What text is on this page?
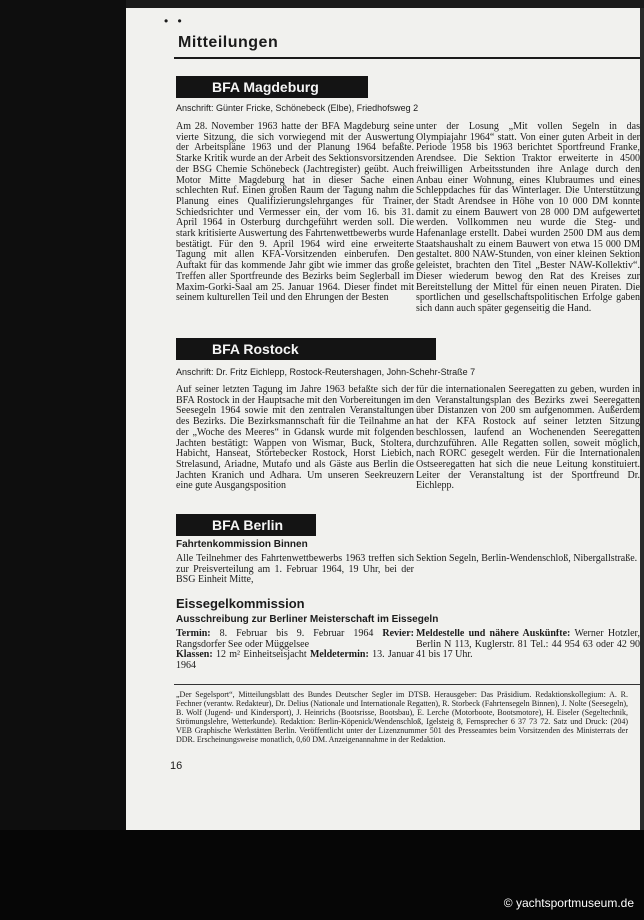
• •
Mitteilungen
BFA Magdeburg
Anschrift: Günter Fricke, Schönebeck (Elbe), Friedhofsweg 2
Am 28. November 1963 hatte der BFA Magdeburg seine vierte Sitzung, die sich vorwiegend mit der Auswertung der Arbeitspläne 1963 und der Planung 1964 befaßte. Starke Kritik wurde an der Arbeit des Sektionsvorsitzenden der BSG Chemie Schönebeck (Jachtregister) geübt. Auch Motor Mitte Magdeburg hat in dieser Sache einen schlechten Ruf. Einen großen Raum der Tagung nahm die Planung eines Qualifizierungslehrganges für Trainer, Schiedsrichter und Vermesser ein, der vom 16. bis 31. April 1964 in Osterburg durchgeführt werden soll. Die stark kritisierte Auswertung des Fahrtenwettbewerbs wurde bestätigt. Für den 9. April 1964 wird eine erweiterte Tagung mit allen KFA-Vorsitzenden einberufen. Den Auftakt für das kommende Jahr gibt wie immer das große Treffen aller Sportfreunde des Bezirks beim Seglerball im Maxim-Gorki-Saal am 25. Januar 1964. Dieser findet mit seinem kulturellen Teil und den Ehrungen der Besten
unter der Losung „Mit vollen Segeln in das Olympiajahr 1964“ statt. Von einer guten Arbeit in der Periode 1958 bis 1963 berichtet Sportfreund Franke, Arendsee. Die Sektion Traktor erweiterte in 4500 freiwilligen Arbeitsstunden ihre Anlage durch den Anbau einer Wohnung, eines Klubraumes und eines Schleppdaches für das Winterlager. Die Unterstützung der Stadt Arendsee in Höhe von 10 000 DM konnte damit zu einem Bauwert von 28 000 DM aufgewertet werden. Vollkommen neu wurde die Steg- und Hafenanlage erstellt. Dabei wurden 2500 DM aus dem Staatshaushalt zu einem Bauwert von etwa 15 000 DM gestaltet. 800 NAW-Stunden, von einer kleinen Sektion geleistet, brachten den Titel „Bester NAW-Kollektiv“. Dieser wiederum bewog den Rat des Kreises zur Bereitstellung der Mittel für einen neuen Piraten. Die sportlichen und gesellschaftspolitischen Erfolge gaben sich dann auch später gegenseitig die Hand.
BFA Rostock
Anschrift: Dr. Fritz Eichlepp, Rostock-Reutershagen, John-Schehr-Straße 7
Auf seiner letzten Tagung im Jahre 1963 befaßte sich der BFA Rostock in der Hauptsache mit den Vorbereitungen im Seesegeln 1964 sowie mit den zentralen Veranstaltungen des Bezirks. Die Bezirksmannschaft für die Teilnahme an der „Woche des Meeres“ in Gdansk wurde mit folgenden Jachten bestätigt: Wappen von Wismar, Buck, Stoltera, Habicht, Hanseat, Störtebecker Rostock, Horst Liebich, Strelasund, Ariadne, Mutafo und als Gäste aus Berlin die Jachten Kranich und Adhara. Um unseren Seekreuzern eine gute Ausgangsposition
für die internationalen Seeregatten zu geben, wurden in den Veranstaltungsplan des Bezirks zwei Seeregatten über Distanzen von 200 sm aufgenommen. Außerdem hat der KFA Rostock auf seiner letzten Sitzung beschlossen, laufend an Wochenenden Seeregatten durchzuführen. Alle Regatten sollen, soweit möglich, nach RORC gesegelt werden. Für die Internationalen Ostseeregatten hat sich die neue Leitung konstituiert. Leiter der Veranstaltung ist der Sportfreund Dr. Eichlepp.
BFA Berlin
Fahrtenkommission Binnen
Alle Teilnehmer des Fahrtenwettbewerbs 1963 treffen sich zur Preisverteilung am 1. Februar 1964, 19 Uhr, bei der BSG Einheit Mitte,
Sektion Segeln, Berlin-Wendenschloß, Nibergallstraße.
Eissegelkommission
Ausschreibung zur Berliner Meisterschaft im Eissegeln
Termin: 8. Februar bis 9. Februar 1964 Revier: Rangsdorfer See oder Müggelsee
Klassen: 12 m² Einheitseisjacht Meldetermin: 13. Januar 1964
Meldestelle und nähere Auskünfte: Werner Hotzler, Berlin N 113, Kuglerstr. 81 Tel.: 44 954 63 oder 42 90 41 bis 17 Uhr.
„Der Segelsport“, Mitteilungsblatt des Bundes Deutscher Segler im DTSB. Herausgeber: Das Präsidium. Redaktionskollegium: A. R. Fechner (verantw. Redakteur), Dr. Delius (Nationale und Internationale Regatten), R. Storbeck (Fahrtensegeln Binnen), J. Nolte (Seesegeln), B. Wolf (Jugend- und Kindersport), J. Heinrichs (Bootsrisse, Bootsbau), E. Lerche (Motorboote, Bootsmotore), H. Eiseler (Segeltechnik, Strömungslehre, Wetterkunde). Redaktion: Berlin-Köpenick/Wendenschloß, Igelsteig 8, Fernsprecher 6 37 73 72. Satz und Druck: (204) VEB Graphische Werkstätten Berlin. Veröffentlicht unter der Lizenznummer 501 des Presseamtes beim Vorsitzenden des Ministerrats der DDR. Erscheinungsweise monatlich, 0,60 DM. Anzeigenannahme in der Redaktion.
16
© yachtsportmuseum.de
